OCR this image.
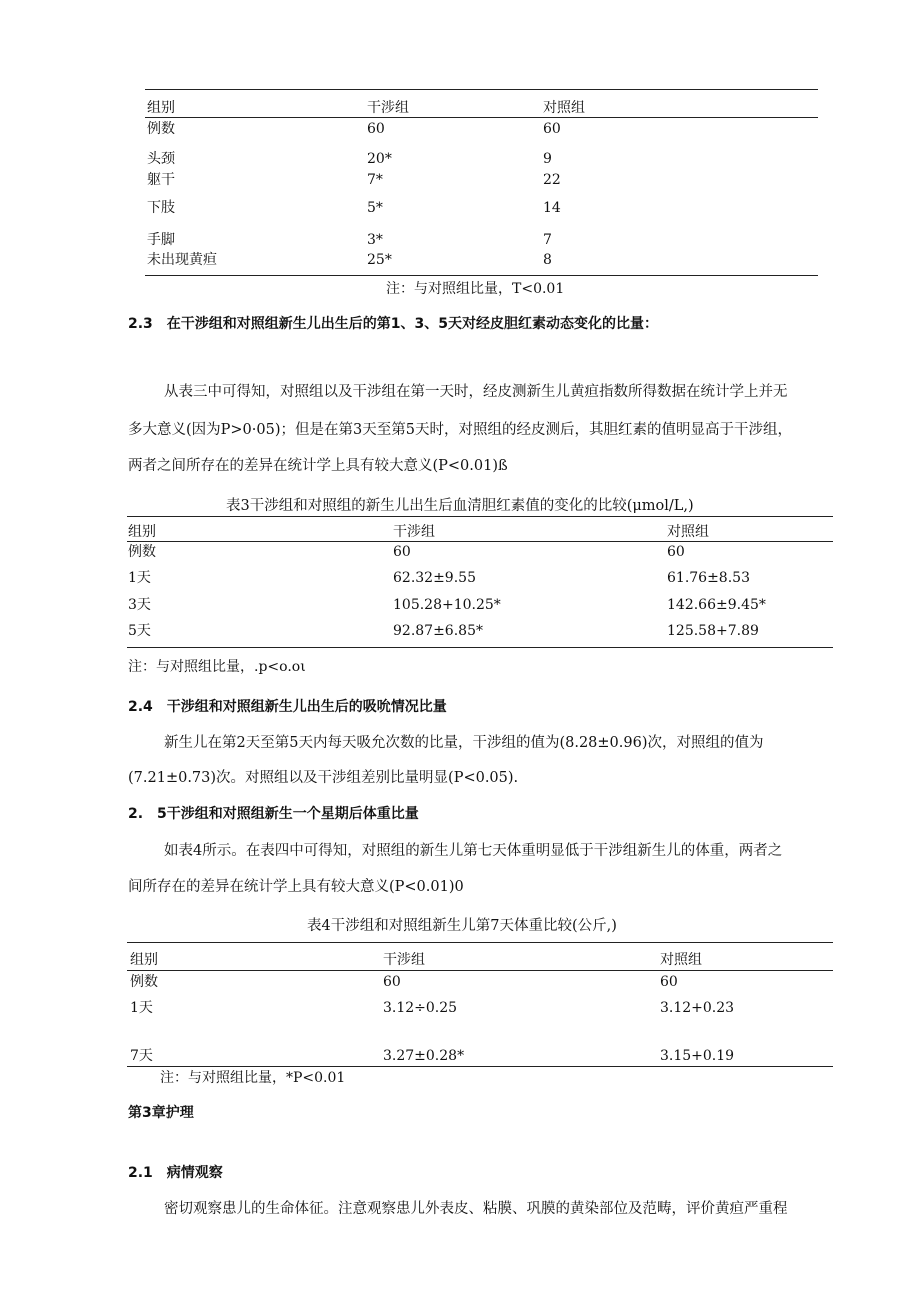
组别	干涉组	对照组
例数	60	60
头颈	20*	9
躯干	7*	22
下肢	5*	14
手脚	3*	7
未出现黄疸	25*	8
注：与对照组比量，T<0.01
2.3　在干涉组和对照组新生儿出生后的第1、3、5天对经皮胆红素动态变化的比量：
从表三中可得知，对照组以及干涉组在第一天时，经皮测新生儿黄疸指数所得数据在统计学上并无
多大意义(因为P>0·05)；但是在第3天至第5天时，对照组的经皮测后，其胆红素的值明显高于干涉组，
两者之间所存在的差异在统计学上具有较大意义(P<0.01)ß
表3干涉组和对照组的新生儿出生后血清胆红素值的变化的比较(μmol/L,)
组别	干涉组	对照组
例数	60	60
1天	62.32±9.55	61.76±8.53
3天	105.28+10.25*	142.66±9.45*
5天	92.87±6.85*	125.58+7.89
注：与对照组比量，.p<o.oι
2.4　干涉组和对照组新生儿出生后的吸吮情况比量
新生儿在第2天至第5天内每天吸允次数的比量，干涉组的值为(8.28±0.96)次，对照组的值为
(7.21±0.73)次。对照组以及干涉组差别比量明显(P<0.05).
2.　5干涉组和对照组新生一个星期后体重比量
如表4所示。在表四中可得知，对照组的新生儿第七天体重明显低于干涉组新生儿的体重，两者之
间所存在的差异在统计学上具有较大意义(P<0.01)0
表4干涉组和对照组新生儿第7天体重比较(公斤,)
组别	干涉组	对照组
例数	60	60
1天	3.12÷0.25	3.12+0.23
7天	3.27±0.28*	3.15+0.19
注：与对照组比量，*P<0.01
第3章护理
2.1　病情观察
密切观察患儿的生命体征。注意观察患儿外表皮、粘膜、巩膜的黄染部位及范畴，评价黄疸严重程
